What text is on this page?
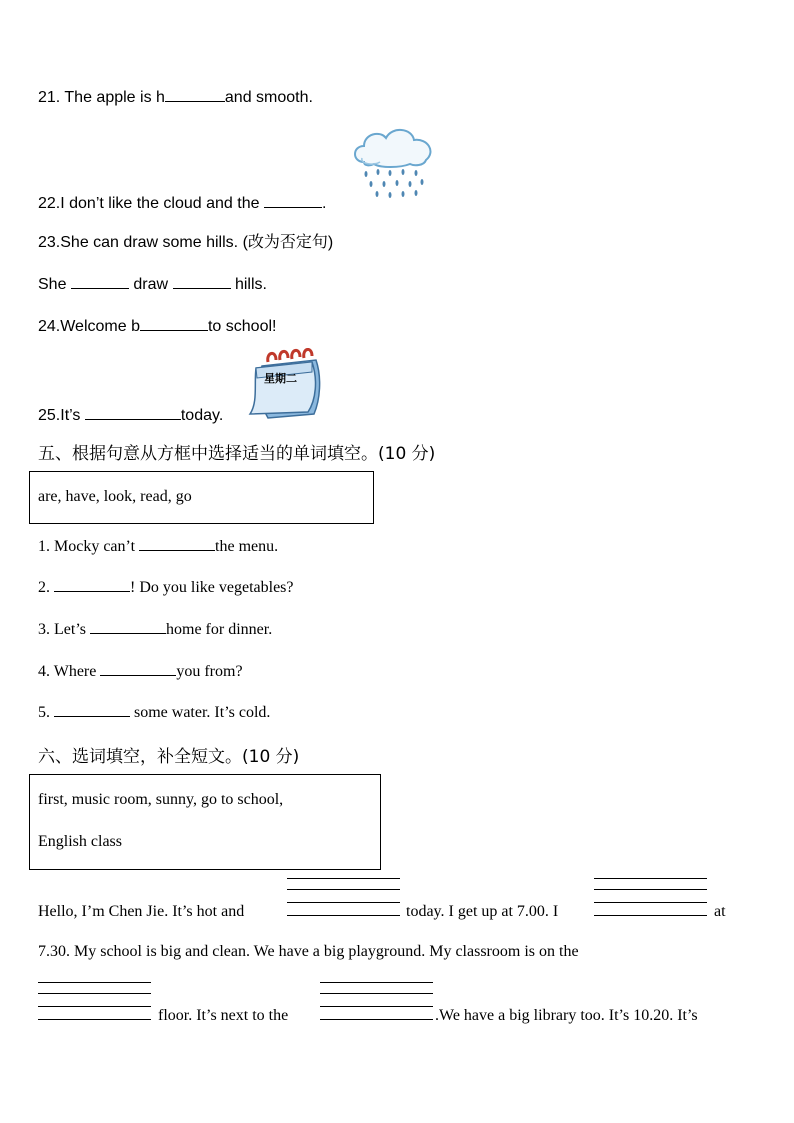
21. The apple is h	and smooth.
22.I don’t like the cloud and the	.
23.She can draw some hills. (改为否定句)
She	draw	hills.
24.Welcome b	to school!
星期二
25.It’s	today.
五、根据句意从方框中选择适当的单词填空。(10 分)
are, have, look, read, go
1. Mocky can’t	the menu.
2.	! Do you like vegetables?
3. Let’s	home for dinner.
4. Where	you from?
5.	some water. It’s cold.
六、选词填空，补全短文。(10 分)
first, music room, sunny, go to school,
English class
Hello, I’m Chen Jie. It’s hot and	today. I get up at 7.00. I	at
7.30. My school is big and clean. We have a big playground. My classroom is on the
floor. It’s next to the	.We have a big library too. It’s 10.20. It’s
